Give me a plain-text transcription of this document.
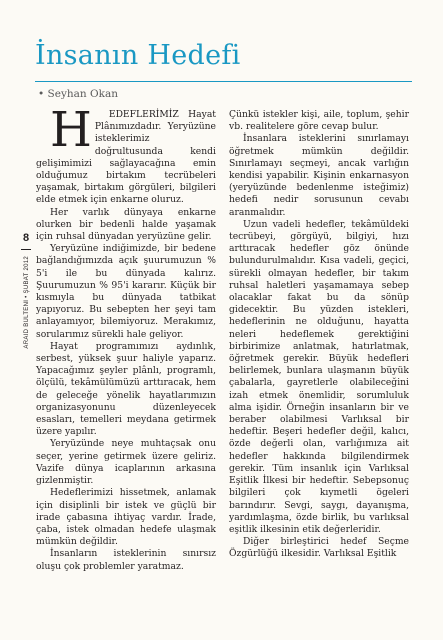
İnsanın Hedefi
• Seyhan Okan
8
ARAID BÜLTENİ • ŞUBAT 2012

H EDEFLERİMİZ Hayat Plânımızdadır. Yeryüzüne isteklerimiz doğrultusunda kendi gelişimimizi sağlayacağına emin olduğumuz birtakım tecrübeleri yaşamak, birtakım görgüleri, bilgileri elde etmek için enkarne oluruz.

Her varlık dünyaya enkarne olurken bir bedenli halde yaşamak için ruhsal dünyadan yeryüzüne gelir.

Yeryüzüne indiğimizde, bir bedene bağlandığımızda açık şuurumuzun % 5'i ile bu dünyada kalırız. Şuurumuzun % 95'i kararır. Küçük bir kısmıyla bu dünyada tatbikat yapıyoruz. Bu sebepten her şeyi tam anlayamıyor, bilemiyoruz. Merakımız, sorularımız sürekli hale geliyor.

Hayat programımızı aydınlık, serbest, yüksek şuur haliyle yaparız. Yapacağımız şeyler plânlı, programlı, ölçülü, tekâmülümüzü arttıracak, hem de geleceğe yönelik hayatlarımızın organizasyonunu düzenleyecek esasları, temelleri meydana getirmek üzere yapılır.

Yeryüzünde neye muhtaçsak onu seçer, yerine getirmek üzere geliriz. Vazife dünya icaplarının arkasına gizlenmiştir.

Hedeflerimizi hissetmek, anlamak için disiplinli bir istek ve güçlü bir irade çabasına ihtiyaç vardır. İrade, çaba, istek olmadan hedefe ulaşmak mümkün değildir.

İnsanların isteklerinin sınırsız oluşu çok problemler yaratmaz.

Çünkü istekler kişi, aile, toplum, şehir vb. realitelere göre cevap bulur.

İnsanlara isteklerini sınırlamayı öğretmek mümkün değildir. Sınırlamayı seçmeyi, ancak varlığın kendisi yapabilir. Kişinin enkarnasyon (yeryüzünde bedenlenme isteğimiz) hedefi nedir sorusunun cevabı aranmalıdır.

Uzun vadeli hedefler, tekâmüldeki tecrübeyi, görgüyü, bilgiyi, hızı arttıracak hedefler göz önünde bulundurulmalıdır. Kısa vadeli, geçici, sürekli olmayan hedefler, bir takım ruhsal haletleri yaşamamaya sebep olacaklar fakat bu da sönüp gidecektir. Bu yüzden istekleri, hedeflerinin ne olduğunu, hayatta neleri hedeflemek gerektiğini birbirimize anlatmak, hatırlatmak, öğretmek gerekir. Büyük hedefleri belirlemek, bunlara ulaşmanın büyük çabalarla, gayretlerle olabileceğini izah etmek önemlidir, sorumluluk alma işidir. Örneğin insanların bir ve beraber olabilmesi Varlıksal bir hedeftir. Beşeri hedefler değil, kalıcı, özde değerli olan, varlığımıza ait hedefler hakkında bilgilendirmek gerekir. Tüm insanlık için Varlıksal Eşitlik İlkesi bir hedeftir. Sebepsonuç bilgileri çok kıymetli ögeleri barındırır. Sevgi, saygı, dayanışma, yardımlaşma, özde birlik, bu varlıksal eşitlik ilkesinin etik değerleridir.

Diğer birleştirici hedef Seçme Özgürlüğü ilkesidir. Varlıksal Eşitlik
